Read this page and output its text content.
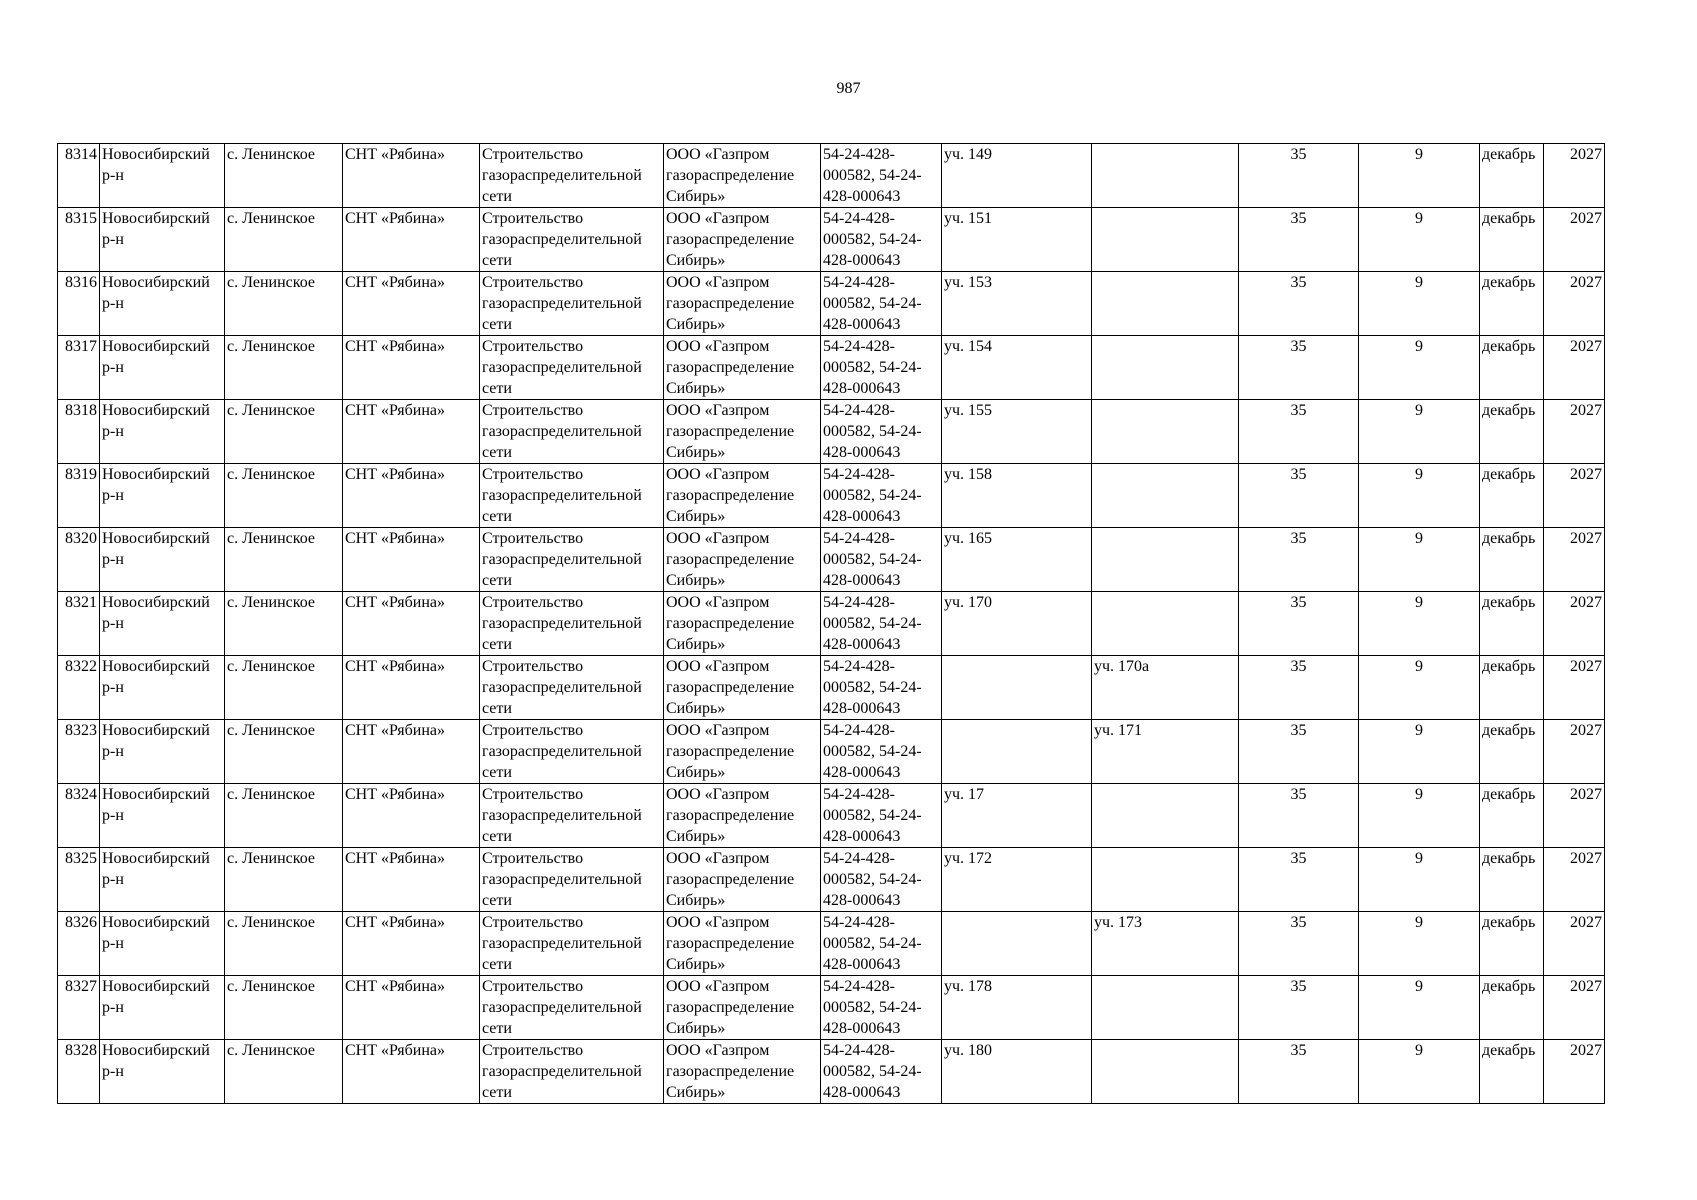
987
8314	Новосибирский р-н	с. Ленинское	СНТ «Рябина»	Строительство газораспределительной сети	ООО «Газпром газораспределение Сибирь»	54-24-428-000582, 54-24-428-000643	уч. 149		35	9	декабрь	2027
8315	Новосибирский р-н	с. Ленинское	СНТ «Рябина»	Строительство газораспределительной сети	ООО «Газпром газораспределение Сибирь»	54-24-428-000582, 54-24-428-000643	уч. 151		35	9	декабрь	2027
8316	Новосибирский р-н	с. Ленинское	СНТ «Рябина»	Строительство газораспределительной сети	ООО «Газпром газораспределение Сибирь»	54-24-428-000582, 54-24-428-000643	уч. 153		35	9	декабрь	2027
8317	Новосибирский р-н	с. Ленинское	СНТ «Рябина»	Строительство газораспределительной сети	ООО «Газпром газораспределение Сибирь»	54-24-428-000582, 54-24-428-000643	уч. 154		35	9	декабрь	2027
8318	Новосибирский р-н	с. Ленинское	СНТ «Рябина»	Строительство газораспределительной сети	ООО «Газпром газораспределение Сибирь»	54-24-428-000582, 54-24-428-000643	уч. 155		35	9	декабрь	2027
8319	Новосибирский р-н	с. Ленинское	СНТ «Рябина»	Строительство газораспределительной сети	ООО «Газпром газораспределение Сибирь»	54-24-428-000582, 54-24-428-000643	уч. 158		35	9	декабрь	2027
8320	Новосибирский р-н	с. Ленинское	СНТ «Рябина»	Строительство газораспределительной сети	ООО «Газпром газораспределение Сибирь»	54-24-428-000582, 54-24-428-000643	уч. 165		35	9	декабрь	2027
8321	Новосибирский р-н	с. Ленинское	СНТ «Рябина»	Строительство газораспределительной сети	ООО «Газпром газораспределение Сибирь»	54-24-428-000582, 54-24-428-000643	уч. 170		35	9	декабрь	2027
8322	Новосибирский р-н	с. Ленинское	СНТ «Рябина»	Строительство газораспределительной сети	ООО «Газпром газораспределение Сибирь»	54-24-428-000582, 54-24-428-000643		уч. 170а	35	9	декабрь	2027
8323	Новосибирский р-н	с. Ленинское	СНТ «Рябина»	Строительство газораспределительной сети	ООО «Газпром газораспределение Сибирь»	54-24-428-000582, 54-24-428-000643		уч. 171	35	9	декабрь	2027
8324	Новосибирский р-н	с. Ленинское	СНТ «Рябина»	Строительство газораспределительной сети	ООО «Газпром газораспределение Сибирь»	54-24-428-000582, 54-24-428-000643	уч. 17		35	9	декабрь	2027
8325	Новосибирский р-н	с. Ленинское	СНТ «Рябина»	Строительство газораспределительной сети	ООО «Газпром газораспределение Сибирь»	54-24-428-000582, 54-24-428-000643	уч. 172		35	9	декабрь	2027
8326	Новосибирский р-н	с. Ленинское	СНТ «Рябина»	Строительство газораспределительной сети	ООО «Газпром газораспределение Сибирь»	54-24-428-000582, 54-24-428-000643		уч. 173	35	9	декабрь	2027
8327	Новосибирский р-н	с. Ленинское	СНТ «Рябина»	Строительство газораспределительной сети	ООО «Газпром газораспределение Сибирь»	54-24-428-000582, 54-24-428-000643	уч. 178		35	9	декабрь	2027
8328	Новосибирский р-н	с. Ленинское	СНТ «Рябина»	Строительство газораспределительной сети	ООО «Газпром газораспределение Сибирь»	54-24-428-000582, 54-24-428-000643	уч. 180		35	9	декабрь	2027
